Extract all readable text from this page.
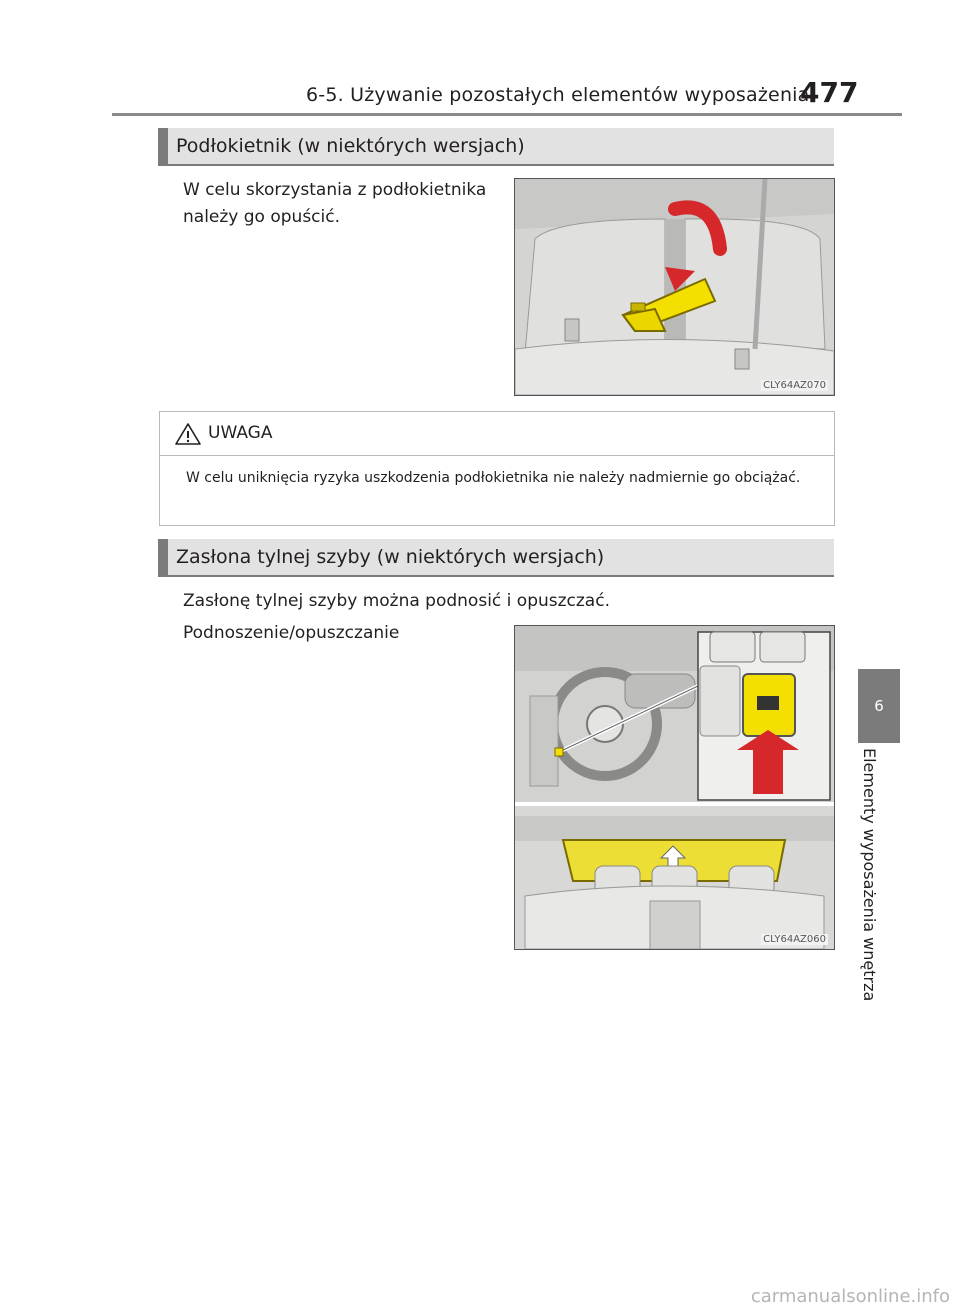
6-5. Używanie pozostałych elementów wyposażenia
477
Podłokietnik (w niektórych wersjach)
W celu skorzystania z podłokietnika
należy go opuścić.
CLY64AZ070
UWAGA
W celu uniknięcia ryzyka uszkodzenia podłokietnika nie należy nadmiernie go obciążać.
Zasłona tylnej szyby (w niektórych wersjach)
Zasłonę tylnej szyby można podnosić i opuszczać.
Podnoszenie/opuszczanie
CLY64AZ060
6
Elementy wyposażenia wnętrza
carmanualsonline.info
